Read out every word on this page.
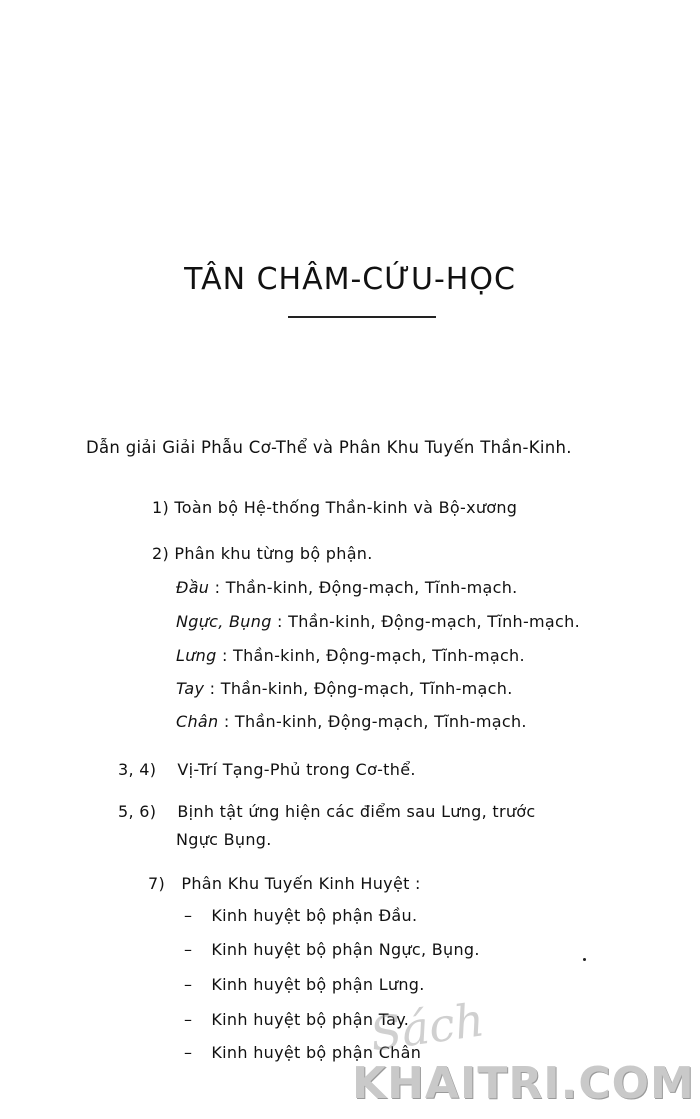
TÂN CHÂM-CỨU-HỌC
Dẫn giải Giải Phẫu Cơ-Thể và Phân Khu Tuyến Thần-Kinh.
1) Toàn bộ Hệ-thống Thần-kinh và Bộ-xương
2) Phân khu từng bộ phận.
Đầu : Thần-kinh, Động-mạch, Tĩnh-mạch.
Ngực, Bụng : Thần-kinh, Động-mạch, Tĩnh-mạch.
Lưng : Thần-kinh, Động-mạch, Tĩnh-mạch.
Tay : Thần-kinh, Động-mạch, Tĩnh-mạch.
Chân : Thần-kinh, Động-mạch, Tĩnh-mạch.
3, 4) Vị-Trí Tạng-Phủ trong Cơ-thể.
5, 6) Bịnh tật ứng hiện các điểm sau Lưng, trước
Ngực Bụng.
7) Phân Khu Tuyến Kinh Huyệt :
– Kinh huyệt bộ phận Đầu.
– Kinh huyệt bộ phận Ngực, Bụng.
– Kinh huyệt bộ phận Lưng.
– Kinh huyệt bộ phận Tay.
– Kinh huyệt bộ phận Chân
Sách
KHAITRI.COM
